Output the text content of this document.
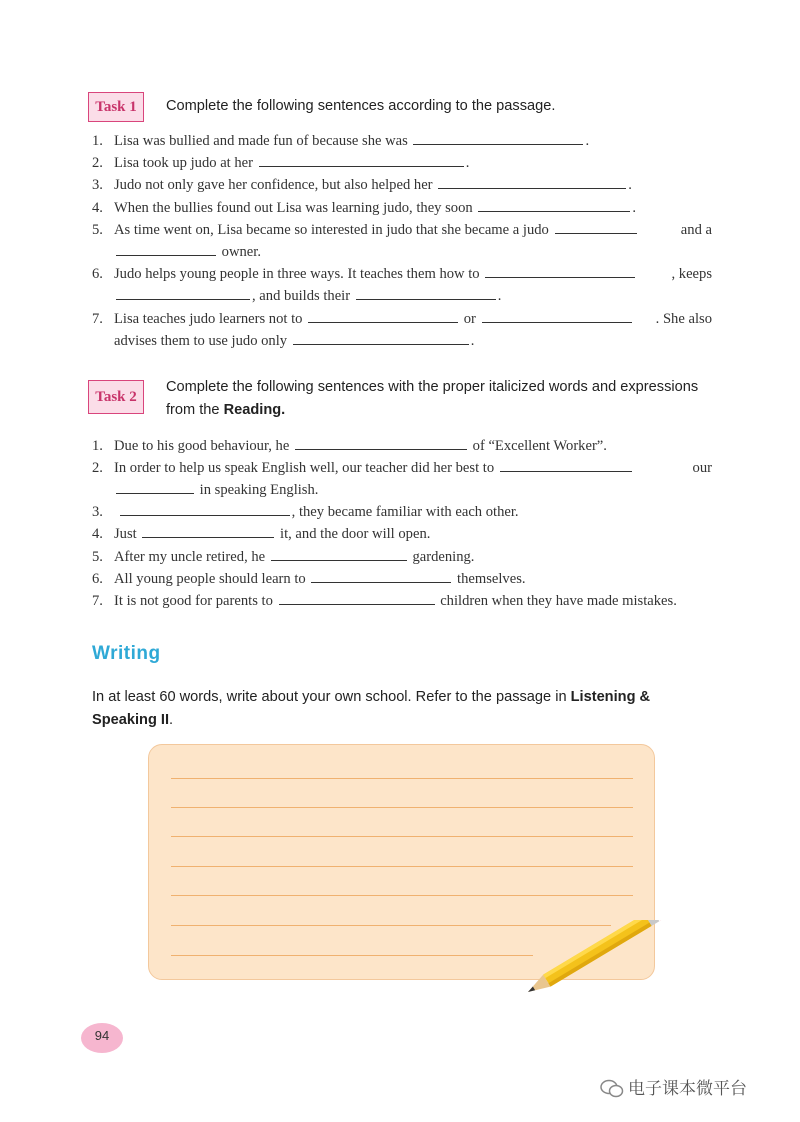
Task 1	Complete the following sentences according to the passage.
1. Lisa was bullied and made fun of because she was	.
2. Lisa took up judo at her	.
3. Judo not only gave her confidence, but also helped her	.
4. When the bullies found out Lisa was learning judo, they soon	.
5. As time went on, Lisa became so interested in judo that she became a judo	and a
owner.
6. Judo helps young people in three ways. It teaches them how to	, keeps
, and builds their	.
7. Lisa teaches judo learners not to	or	. She also
advises them to use judo only	.
Task 2
Complete the following sentences with the proper italicized words and expressions
from the Reading.
1. Due to his good behaviour, he	of “Excellent Worker”.
2. In order to help us speak English well, our teacher did her best to	our
in speaking English.
3.	, they became familiar with each other.
4. Just	it, and the door will open.
5. After my uncle retired, he	gardening.
6. All young people should learn to	themselves.
7. It is not good for parents to	children when they have made mistakes.
Writing
In at least 60 words, write about your own school. Refer to the passage in Listening &
Speaking II.
94
电子课本微平台
